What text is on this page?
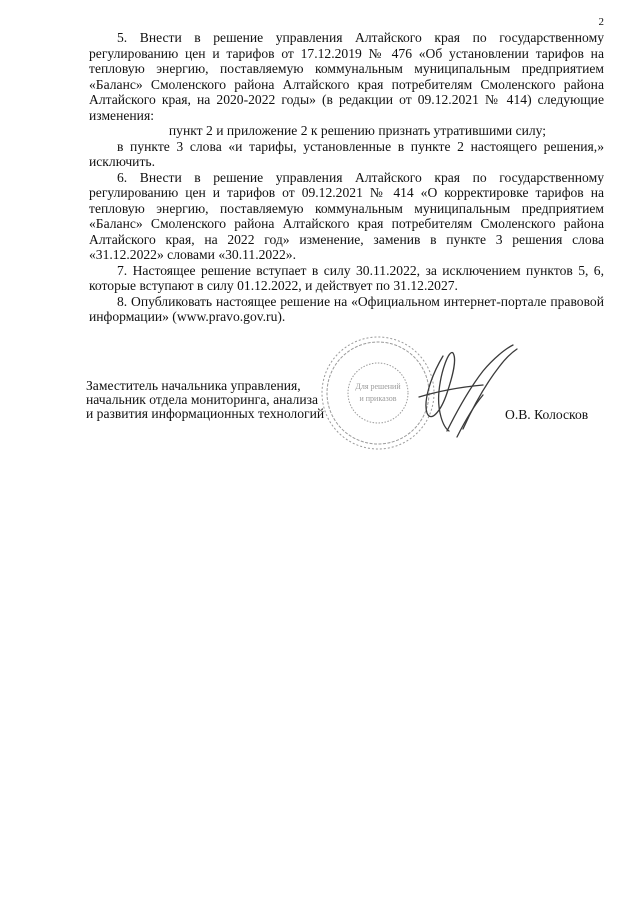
2

5. Внести в решение управления Алтайского края по государственному регулированию цен и тарифов от 17.12.2019 № 476 «Об установлении тарифов на тепловую энергию, поставляемую коммунальным муниципальным предприятием «Баланс» Смоленского района Алтайского края потребителям Смоленского района Алтайского края, на 2020-2022 годы» (в редакции от 09.12.2021 № 414) следующие изменения:

пункт 2 и приложение 2 к решению признать утратившими силу;

в пункте 3 слова «и тарифы, установленные в пункте 2 настоящего решения,» исключить.

6. Внести в решение управления Алтайского края по государственному регулированию цен и тарифов от 09.12.2021 № 414 «О корректировке тарифов на тепловую энергию, поставляемую коммунальным муниципальным предприятием «Баланс» Смоленского района Алтайского края потребителям Смоленского района Алтайского края, на 2022 год» изменение, заменив в пункте 3 решения слова «31.12.2022» словами «30.11.2022».

7. Настоящее решение вступает в силу 30.11.2022, за исключением пунктов 5, 6, которые вступают в силу 01.12.2022, и действует по 31.12.2027.

8. Опубликовать настоящее решение на «Официальном интернет-портале правовой информации» (www.pravo.gov.ru).

Для решений
и приказов
Заместитель начальника управления,
начальник отдела мониторинга, анализа
и развития информационных технологий	О.В. Колосков
